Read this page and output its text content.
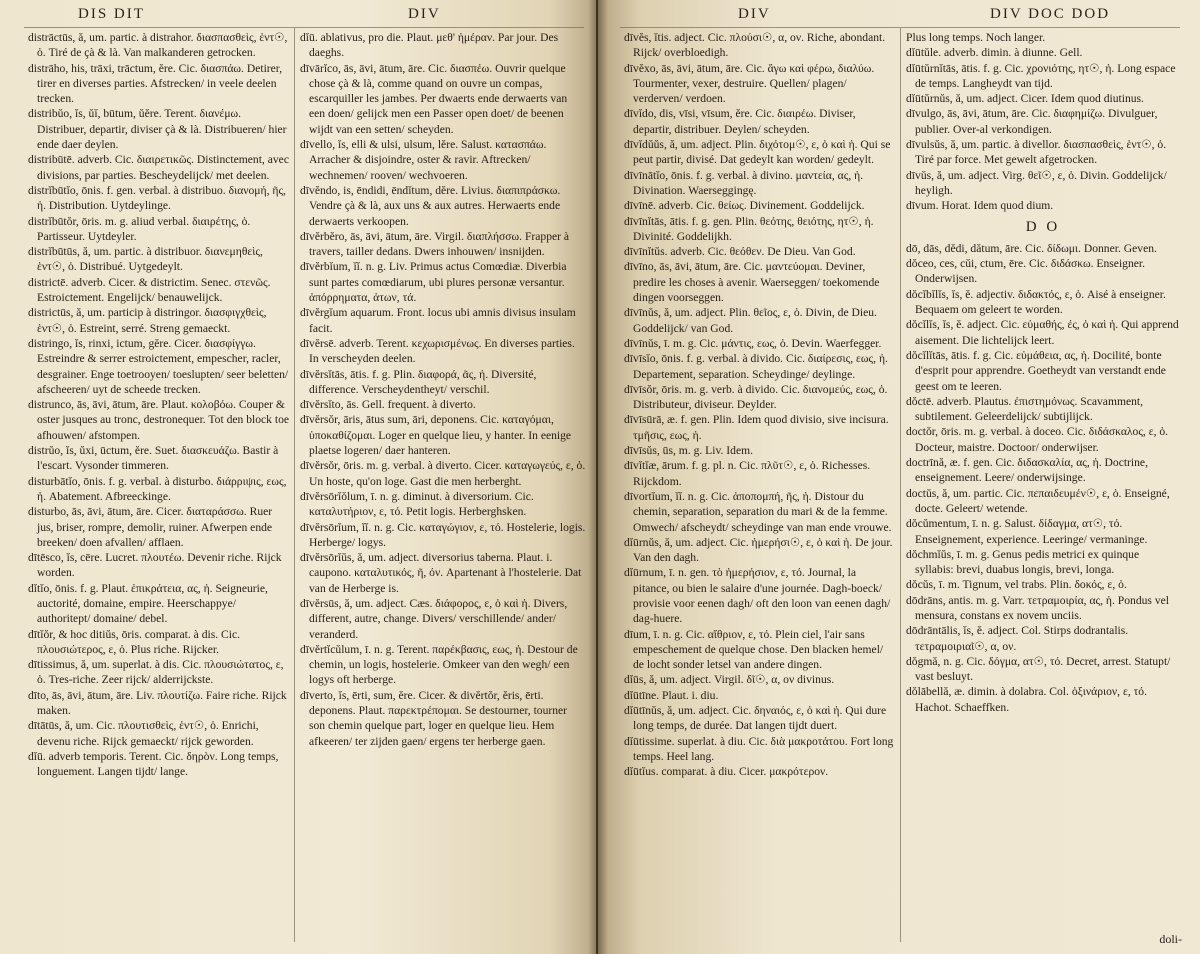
DIS DIT	DIV

distrāctūs, ă, um. partic. à distrahor. διασπασθεὶς, ἑντ☉, ὁ. Tiré de çà & là. Van malkanderen getrocken.

distrāho, his, trāxi, trāctum, ĕre. Cic. διασπάω. Detirer, tirer en diverses parties. Afstrecken/ in veele deelen trecken.

distribŭo, ĭs, ŭĭ, būtum, ŭĕre. Terent. διανέμω. Distribuer, departir, diviser çà & là. Distribueren/ hier ende daer deylen.

distribūtē. adverb. Cic. διαιρετικῶς. Distinctement, avec divisions, par parties. Bescheydelijck/ met deelen.

distrĭbūtĭo, ōnis. f. gen. verbal. à distribuo. διανομή, ῆς, ἡ. Distribution. Uytdeylinge.

distrĭbūtŏr, ōris. m. g. aliud verbal. διαιρέτης, ὁ. Partisseur. Uytdeyler.

distrĭbūtūs, ă, um. partic. à distribuor. διανεμηθεὶς, ἑντ☉, ὁ. Distribué. Uytgedeylt.

districtē. adverb. Cicer. & districtim. Senec. στενῶς. Estroictement. Engelijck/ benauwelijck.

districtūs, ă, um. particip à distringor. διασφιγχθεὶς, ἑντ☉, ὁ. Estreint, serré. Streng gemaeckt.

distringo, ĭs, rinxi, ictum, gĕre. Cicer. διασφίγγω. Estreindre & serrer estroictement, empescher, racler, desgrainer. Enge toetrooyen/ toeslupten/ seer beletten/ afscheeren/ uyt de scheede trecken.

distrunco, ās, āvi, ātum, āre. Plaut. κολοβόω. Couper & oster jusques au tronc, destronequer. Tot den block toe afhouwen/ afstompen.

distrŭo, ĭs, ŭxi, ūctum, ĕre. Suet. διασκευάζω. Bastir à l'escart. Vysonder timmeren.

disturbātĭo, ōnis. f. g. verbal. à disturbo. διάρριψις, εως, ἡ. Abatement. Afbreeckinge.

disturbo, ās, āvi, ātum, āre. Cicer. διαταράσσω. Ruer jus, briser, rompre, demolir, ruiner. Afwerpen ende breeken/ doen afvallen/ afflaen.

dītēsco, ĭs, cēre. Lucret. πλουτέω. Devenir riche. Rijck worden.

dĭtĭo, ōnis. f. g. Plaut. ἐπικράτεια, ας, ἡ. Seigneurie, auctorité, domaine, empire. Heerschappye/ authoritept/ domaine/ debel.

dītĭŏr, & hoc ditiŭs, ōris. comparat. à dis. Cic. πλουσιώτερος, ε, ὁ. Plus riche. Rijcker.

dītissimus, ă, um. superlat. à dis. Cic. πλουσιώτατος, ε, ὁ. Tres-riche. Zeer rijck/ alderrijckste.

dīto, ās, āvi, ātum, āre. Liv. πλουτίζω. Faire riche. Rijck maken.

dītātūs, ă, um. Cic. πλουτισθεὶς, ἑντ☉, ὁ. Enrichi, devenu riche. Rijck gemaeckt/ rijck geworden.

dĭū. adverb temporis. Terent. Cic. δηρὸν. Long temps, longuement. Langen tijdt/ lange.

dĭū. ablativus, pro die. Plaut. μεθ' ἡμέραν. Par jour. Des daeghs.

dīvārĭco, ās, āvi, ātum, āre. Cic. διασπέω. Ouvrir quelque chose çà & là, comme quand on ouvre un compas, escarquiller les jambes. Per dwaerts ende derwaerts van een doen/ gelijck men een Passer open doet/ de beenen wijdt van een setten/ scheyden.

dīvello, ĭs, elli & ulsi, ulsum, lĕre. Salust. κατασπάω. Arracher & disjoindre, oster & ravir. Aftrecken/ wechnemen/ rooven/ wechvoeren.

dīvĕndo, is, ēndidi, ēndĭtum, dĕre. Livius. διαπιπράσκω. Vendre çà & là, aux uns & aux autres. Herwaerts ende derwaerts verkoopen.

dīvĕrbĕro, ās, āvi, ātum, āre. Virgil. διαπλήσσω. Frapper à travers, tailler dedans. Dwers inhouwen/ insnijden.

dīvĕrbĭum, ĭĭ. n. g. Liv. Primus actus Comœdiæ. Diverbia sunt partes comœdiarum, ubi plures personæ versantur. ἀπόρρηματα, ἀτων, τά.

dīvĕrgĭum aquarum. Front. locus ubi amnis divisus insulam facit.

dīvĕrsē. adverb. Terent. κεχωρισμένως. En diverses parties. In verscheyden deelen.

dīvĕrsĭtās, ātis. f. g. Plin. διαφορά, ᾶς, ἡ. Diversité, difference. Verscheydentheyt/ verschil.

dīvĕrsĭto, ās. Gell. frequent. à diverto.

dīvĕrsŏr, āris, ātus sum, āri, deponens. Cic. καταγόμαι, ὑποκαθίζομαι. Loger en quelque lieu, y hanter. In eenige plaetse logeren/ daer hanteren.

dīvĕrsŏr, ōris. m. g. verbal. à diverto. Cicer. καταγωγεύς, ε, ὁ. Un hoste, qu'on loge. Gast die men herberght.

dīvĕrsōrĭŏlum, ī. n. g. diminut. à diversorium. Cic. καταλυτήριον, ε, τό. Petit logis. Herberghsken.

dīvĕrsōrĭum, ĭĭ. n. g. Cic. καταγώγιον, ε, τό. Hostelerie, logis. Herberge/ logys.

dīvĕrsōrĭŭs, ă, um. adject. diversorius taberna. Plaut. i. caupono. καταλυτικός, ῆ, όν. Apartenant à l'hostelerie. Dat van de Herberge is.

dīvĕrsūs, ă, um. adject. Cæs. διάφορος, ε, ὁ καὶ ἡ. Divers, different, autre, change. Divers/ verschillende/ ander/ veranderd.

dīvĕrtĭcŭlum, ī. n. g. Terent. παρέκβασις, εως, ἡ. Destour de chemin, un logis, hostelerie. Omkeer van den wegh/ een logys oft herberge.

dīverto, ĭs, ērti, sum, ĕre. Cicer. & divĕrtŏr, ĕris, ērti. deponens. Plaut. παρεκτρέπομαι. Se destourner, tourner son chemin quelque part, loger en quelque lieu. Hem afkeeren/ ter zijden gaen/ ergens ter herberge gaen.

DIV	DIV DOC DOD

dīvĕs, ĭtis. adject. Cic. πλούσι☉, α, ον. Riche, abondant. Rijck/ overbloedigh.

dīvĕxo, ās, āvi, ātum, āre. Cic. ἄγω καὶ φέρω, διαλύω. Tourmenter, vexer, destruire. Quellen/ plagen/ verderven/ verdoen.

dīvĭdo, dis, vīsi, vīsum, ĕre. Cic. διαιρέω. Diviser, departir, distribuer. Deylen/ scheyden.

dīvĭdŭŭs, ă, um. adject. Plin. διχότομ☉, ε, ὁ καὶ ἡ. Qui se peut partir, divisé. Dat gedeylt kan worden/ gedeylt.

dīvīnātĭo, ōnis. f. g. verbal. à divino. μαντεία, ας, ἡ. Divination. Waerseggingę.

dīvīnē. adverb. Cic. θείως. Divinement. Goddelijck.

dīvīnĭtās, ātis. f. g. gen. Plin. θεότης, θειότης, ητ☉, ἡ. Divinité. Goddelijkh.

dīvīnĭtŭs. adverb. Cic. θεόθεν. De Dieu. Van God.

dīvīno, ās, āvi, ātum, āre. Cic. μαντεύομαι. Deviner, predire les choses à avenir. Waerseggen/ toekomende dingen voorseggen.

dīvīnŭs, ă, um. adject. Plin. θεῖος, ε, ὁ. Divin, de Dieu. Goddelijck/ van God.

dīvīnŭs, ī. m. g. Cic. μάντις, εως, ὁ. Devin. Waerfegger.

dīvīsĭo, ōnis. f. g. verbal. à divido. Cic. διαίρεσις, εως, ἡ. Departement, separation. Scheydinge/ deylinge.

dīvīsŏr, ōris. m. g. verb. à divido. Cic. διανομεύς, εως, ὁ. Distributeur, diviseur. Deylder.

dīvīsūrā, æ. f. gen. Plin. Idem quod divisio, sive incisura. τμῆσις, εως, ἡ.

dīvīsŭs, ūs, m. g. Liv. Idem.

dīvĭtĭæ, ārum. f. g. pl. n. Cic. πλῦτ☉, ε, ὁ. Richesses. Rijckdom.

dīvortĭum, ĭĭ. n. g. Cic. ἀποπομπή, ῆς, ἡ. Distour du chemin, separation, separation du mari & de la femme. Omwech/ afscheydt/ scheydinge van man ende vrouwe.

dĭūrnŭs, ă, um. adject. Cic. ἡμερήσι☉, ε, ὁ καὶ ἡ. De jour. Van den dagh.

dĭūrnum, ī. n. gen. τὸ ἡμερήσιον, ε, τό. Journal, la pitance, ou bien le salaire d'une journée. Dagh-boeck/ provisie voor eenen dagh/ oft den loon van eenen dagh/ dag-huere.

dīum, ī. n. g. Cic. αἴθριον, ε, τό. Plein ciel, l'air sans empeschement de quelque chose. Den blacken hemel/ de locht sonder letsel van andere dingen.

dĭūs, ă, um. adject. Virgil. δῖ☉, α, ον divinus.

dĭūtīne. Plaut. i. diu.

dĭūtīnŭs, ă, um. adject. Cic. δηναιός, ε, ὁ καὶ ἡ. Qui dure long temps, de durée. Dat langen tijdt duert.

dĭūtissime. superlat. à diu. Cic. διὰ μακροτάτου. Fort long temps. Heel lang.

dĭūtĭus. comparat. à diu. Cicer. μακρότερον.

Plus long temps. Noch langer.

dĭūtŭle. adverb. dimin. à diunne. Gell.

dĭūtŭrnĭtās, ātis. f. g. Cic. χρονιότης, ητ☉, ἡ. Long espace de temps. Langheydt van tijd.

dĭūtŭrnŭs, ă, um. adject. Cicer. Idem quod diutinus.

dīvulgo, ās, āvi, ātum, āre. Cic. διαφημίζω. Divulguer, publier. Over-al verkondigen.

dīvulsŭs, ă, um. partic. à divellor. διασπασθεὶς, ἑντ☉, ὁ. Tiré par force. Met gewelt afgetrocken.

dīvŭs, ă, um. adject. Virg. θεῖ☉, ε, ὁ. Divin. Goddelijck/ heyligh.

dīvum. Horat. Idem quod dium.

D O

dō, dās, dĕdi, dătum, āre. Cic. δίδωμι. Donner. Geven.

dŏceo, ces, cŭi, ctum, ēre. Cic. διδάσκω. Enseigner. Onderwijsen.

dŏcĭbĭlĭs, ĭs, ĕ. adjectiv. διδακτός, ε, ὁ. Aisé à enseigner. Bequaem om geleert te worden.

dŏcĭlĭs, ĭs, ĕ. adject. Cic. εὐμαθής, ές, ὁ καὶ ἡ. Qui apprend aisement. Die lichtelijck leert.

dŏcĭlĭtās, ātis. f. g. Cic. εὐμάθεια, ας, ἡ. Docilité, bonte d'esprit pour apprendre. Goetheydt van verstandt ende geest om te leeren.

dŏctē. adverb. Plautus. ἐπιστημόνως. Scavamment, subtilement. Geleerdelijck/ subtijlijck.

doctŏr, ōris. m. g. verbal. à doceo. Cic. διδάσκαλος, ε, ὁ. Docteur, maistre. Doctoor/ onderwijser.

doctrīnă, æ. f. gen. Cic. διδασκαλία, ας, ἡ. Doctrine, enseignement. Leere/ onderwijsinge.

doctŭs, ă, um. partic. Cic. πεπαιδευμέν☉, ε, ὁ. Enseigné, docte. Geleert/ wetende.

dŏcŭmentum, ī. n. g. Salust. δίδαγμα, ατ☉, τό. Enseignement, experience. Leeringe/ vermaninge.

dŏchmĭŭs, ī. m. g. Genus pedis metrici ex quinque syllabis: brevi, duabus longis, brevi, longa.

dŏcŭs, ī. m. Tignum, vel trabs. Plin. δοκός, ε, ὁ.

dōdrāns, antis. m. g. Varr. τετραμοιρία, ας, ἡ. Pondus vel mensura, constans ex novem unciis.

dōdrāntālis, ĭs, ĕ. adject. Col. Stirps dodrantalis. τετραμοιριαῖ☉, α, ον.

dŏgmă, n. g. Cic. δόγμα, ατ☉, τό. Decret, arrest. Statupt/ vast besluyt.

dŏlābellă, æ. dimin. à dolabra. Col. ὀξινάριον, ε, τό. Hachot. Schaeffken.

doli-
